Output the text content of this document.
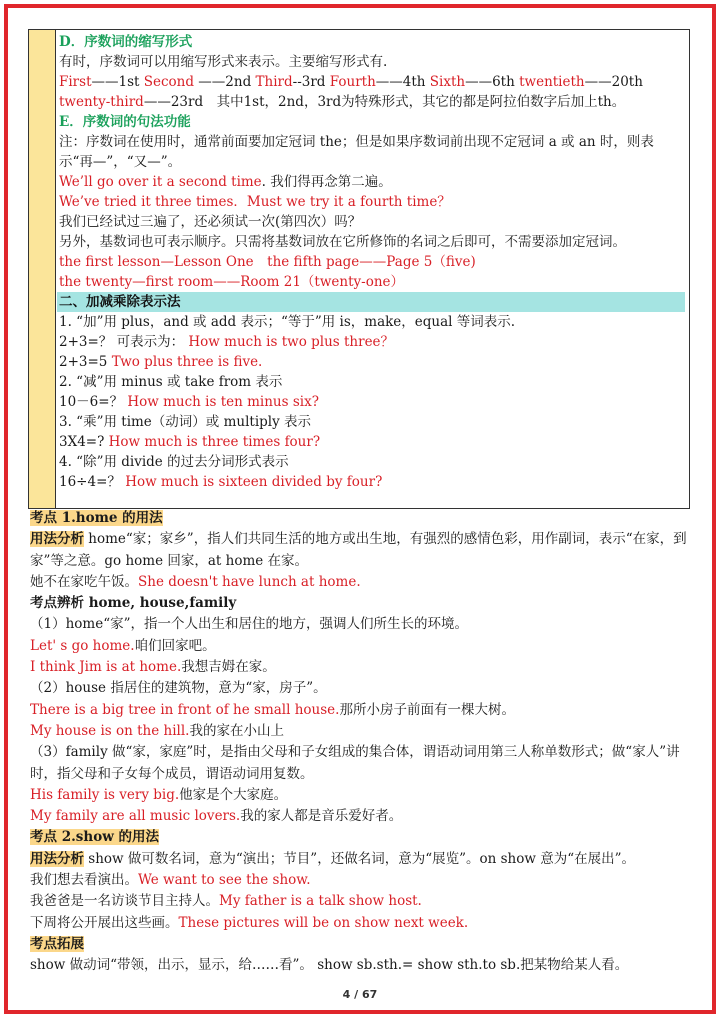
D．序数词的缩写形式
有时，序数词可以用缩写形式来表示。主要缩写形式有.
First——1st Second ——2nd Third--3rd Fourth——4th Sixth——6th twentieth——20th
twenty-third——23rd　其中1st，2nd，3rd为特殊形式，其它的都是阿拉伯数字后加上th。
E．序数词的句法功能
注：序数词在使用时，通常前面要加定冠词 the；但是如果序数词前出现不定冠词 a 或 an 时，则表示“再—”，“又—”。
We’ll go over it a second time. 我们得再念第二遍。
We’ve tried it three times．Must we try it a fourth time？
我们已经试过三遍了，还必须试一次(第四次）吗？
另外，基数词也可表示顺序。只需将基数词放在它所修饰的名词之后即可，不需要添加定冠词。
the first lesson—Lesson One　the fifth page——Page 5（five)
the twenty—first room——Room 21（twenty-one）
二、加减乘除表示法
1. “加”用 plus，and 或 add 表示；“等于”用 is，make，equal 等词表示.
2+3=？ 可表示为： How much is two plus three？
2+3=5 Two plus three is five.
2. “减”用 minus 或 take from 表示
10－6=？ How much is ten minus six?
3. “乘”用 time（动词）或 multiply 表示
3X4=? How much is three times four?
4. “除”用 divide 的过去分词形式表示
16÷4=？ How much is sixteen divided by four?
考点 1.home 的用法
用法分析 home“家；家乡”，指人们共同生活的地方或出生地，有强烈的感情色彩，用作副词，表示“在家，到家”等之意。go home 回家，at home 在家。
她不在家吃午饭。She doesn't have lunch at home.
考点辨析 home, house,family
（1）home“家”，指一个人出生和居住的地方，强调人们所生长的环境。
Let' s go home.咱们回家吧。
I think Jim is at home.我想吉姆在家。
（2）house 指居住的建筑物，意为“家，房子”。
There is a big tree in front of he small house.那所小房子前面有一棵大树。
My house is on the hill.我的家在小山上
（3）family 做“家，家庭”时，是指由父母和子女组成的集合体，谓语动词用第三人称单数形式；做“家人”讲时，指父母和子女每个成员，谓语动词用复数。
His family is very big.他家是个大家庭。
My family are all music lovers.我的家人都是音乐爱好者。
考点 2.show 的用法
用法分析 show 做可数名词，意为“演出；节目”，还做名词，意为“展览”。on show 意为“在展出”。
我们想去看演出。We want to see the show.
我爸爸是一名访谈节目主持人。My father is a talk show host.
下周将公开展出这些画。These pictures will be on show next week.
考点拓展
show 做动词“带领，出示，显示，给……看”。 show sb.sth.= show sth.to sb.把某物给某人看。
4 / 67
